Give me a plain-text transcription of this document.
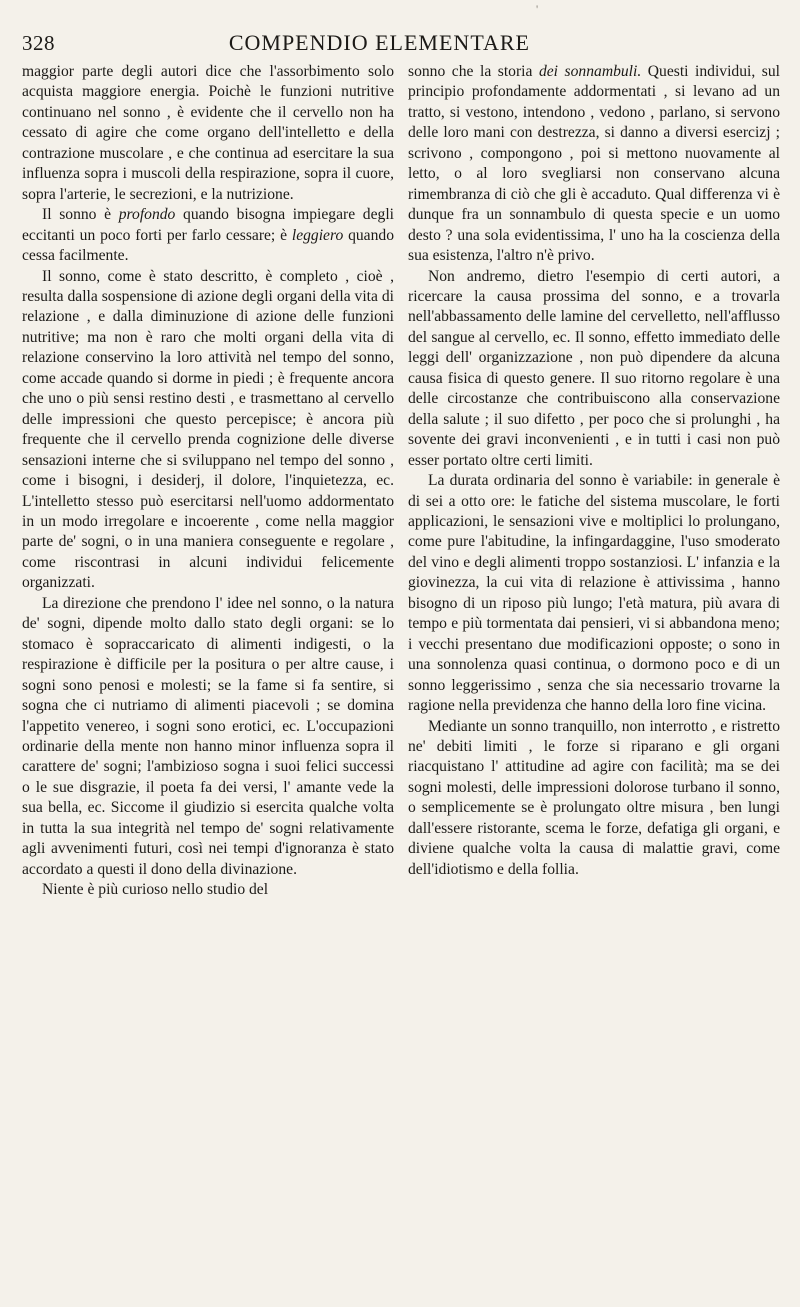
'
328	COMPENDIO ELEMENTARE

maggior parte degli autori dice che l'assorbimento solo acquista maggiore energia. Poichè le funzioni nutritive continuano nel sonno , è evidente che il cervello non ha cessato di agire che come organo dell'intelletto e della contrazione muscolare , e che continua ad esercitare la sua influenza sopra i muscoli della respirazione, sopra il cuore, sopra l'arterie, le secrezioni, e la nutrizione.

Il sonno è profondo quando bisogna impiegare degli eccitanti un poco forti per farlo cessare; è leggiero quando cessa facilmente.

Il sonno, come è stato descritto, è completo , cioè , resulta dalla sospensione di azione degli organi della vita di relazione , e dalla diminuzione di azione delle funzioni nutritive; ma non è raro che molti organi della vita di relazione conservino la loro attività nel tempo del sonno, come accade quando si dorme in piedi ; è frequente ancora che uno o più sensi restino desti , e trasmettano al cervello delle impressioni che questo percepisce; è ancora più frequente che il cervello prenda cognizione delle diverse sensazioni interne che si sviluppano nel tempo del sonno , come i bisogni, i desiderj, il dolore, l'inquietezza, ec. L'intelletto stesso può esercitarsi nell'uomo addormentato in un modo irregolare e incoerente , come nella maggior parte de' sogni, o in una maniera conseguente e regolare , come riscontrasi in alcuni individui felicemente organizzati.

La direzione che prendono l' idee nel sonno, o la natura de' sogni, dipende molto dallo stato degli organi: se lo stomaco è sopraccaricato di alimenti indigesti, o la respirazione è difficile per la positura o per altre cause, i sogni sono penosi e molesti; se la fame si fa sentire, si sogna che ci nutriamo di alimenti piacevoli ; se domina l'appetito venereo, i sogni sono erotici, ec. L'occupazioni ordinarie della mente non hanno minor influenza sopra il carattere de' sogni; l'ambizioso sogna i suoi felici successi o le sue disgrazie, il poeta fa dei versi, l' amante vede la sua bella, ec. Siccome il giudizio si esercita qualche volta in tutta la sua integrità nel tempo de' sogni relativamente agli avvenimenti futuri, così nei tempi d'ignoranza è stato accordato a questi il dono della divinazione.

Niente è più curioso nello studio del

sonno che la storia dei sonnambuli. Questi individui, sul principio profondamente addormentati , si levano ad un tratto, si vestono, intendono , vedono , parlano, si servono delle loro mani con destrezza, si danno a diversi esercizj ; scrivono , compongono , poi si mettono nuovamente al letto, o al loro svegliarsi non conservano alcuna rimembranza di ciò che gli è accaduto. Qual differenza vi è dunque fra un sonnambulo di questa specie e un uomo desto ? una sola evidentissima, l' uno ha la coscienza della sua esistenza, l'altro n'è privo.

Non andremo, dietro l'esempio di certi autori, a ricercare la causa prossima del sonno, e a trovarla nell'abbassamento delle lamine del cervelletto, nell'afflusso del sangue al cervello, ec. Il sonno, effetto immediato delle leggi dell' organizzazione , non può dipendere da alcuna causa fisica di questo genere. Il suo ritorno regolare è una delle circostanze che contribuiscono alla conservazione della salute ; il suo difetto , per poco che si prolunghi , ha sovente dei gravi inconvenienti , e in tutti i casi non può esser portato oltre certi limiti.

La durata ordinaria del sonno è variabile: in generale è di sei a otto ore: le fatiche del sistema muscolare, le forti applicazioni, le sensazioni vive e moltiplici lo prolungano, come pure l'abitudine, la infingardaggine, l'uso smoderato del vino e degli alimenti troppo sostanziosi. L' infanzia e la giovinezza, la cui vita di relazione è attivissima , hanno bisogno di un riposo più lungo; l'età matura, più avara di tempo e più tormentata dai pensieri, vi si abbandona meno; i vecchi presentano due modificazioni opposte; o sono in una sonnolenza quasi continua, o dormono poco e di un sonno leggerissimo , senza che sia necessario trovarne la ragione nella previdenza che hanno della loro fine vicina.

Mediante un sonno tranquillo, non interrotto , e ristretto ne' debiti limiti , le forze si riparano e gli organi riacquistano l' attitudine ad agire con facilità; ma se dei sogni molesti, delle impressioni dolorose turbano il sonno, o semplicemente se è prolungato oltre misura , ben lungi dall'essere ristorante, scema le forze, defatiga gli organi, e diviene qualche volta la causa di malattie gravi, come dell'idiotismo e della follia.
